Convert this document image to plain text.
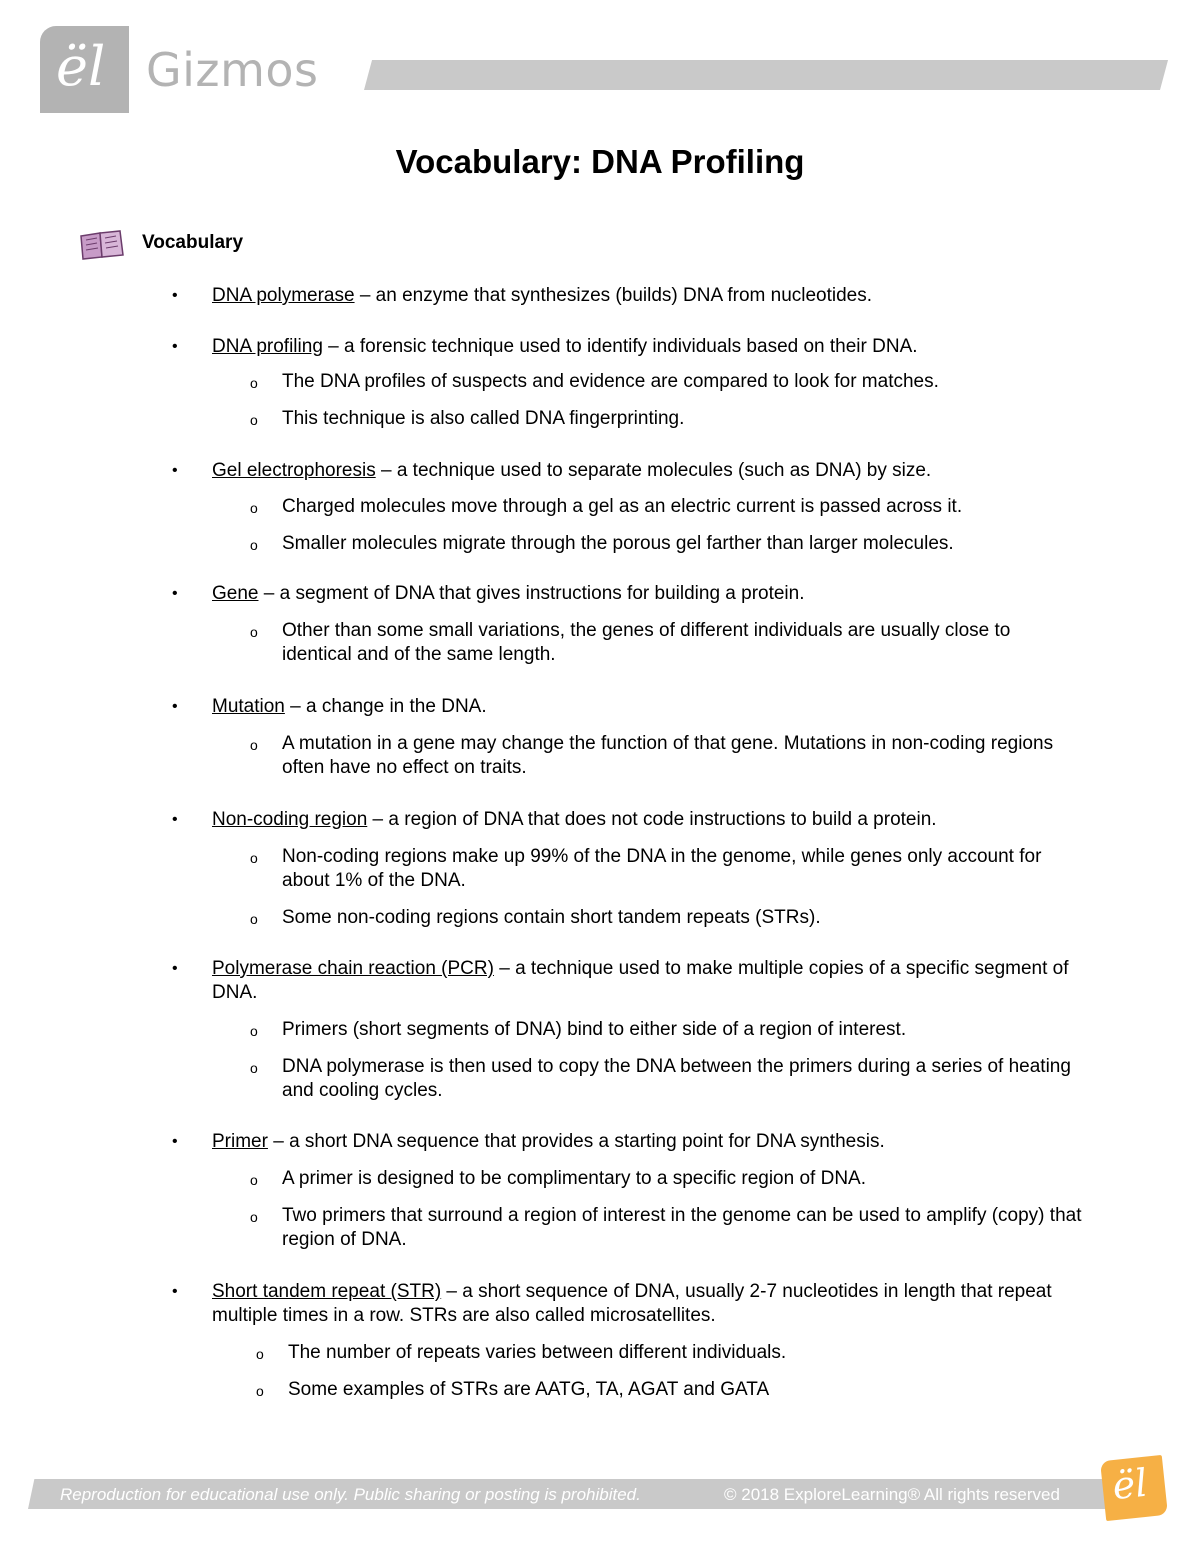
ël Gizmos
Vocabulary: DNA Profiling
Vocabulary
• DNA polymerase – an enzyme that synthesizes (builds) DNA from nucleotides.
• DNA profiling – a forensic technique used to identify individuals based on their DNA.
o The DNA profiles of suspects and evidence are compared to look for matches.
o This technique is also called DNA fingerprinting.
• Gel electrophoresis – a technique used to separate molecules (such as DNA) by size.
o Charged molecules move through a gel as an electric current is passed across it.
o Smaller molecules migrate through the porous gel farther than larger molecules.
• Gene – a segment of DNA that gives instructions for building a protein.
o Other than some small variations, the genes of different individuals are usually close to identical and of the same length.
• Mutation – a change in the DNA.
o A mutation in a gene may change the function of that gene. Mutations in non-coding regions often have no effect on traits.
• Non-coding region – a region of DNA that does not code instructions to build a protein.
o Non-coding regions make up 99% of the DNA in the genome, while genes only account for about 1% of the DNA.
o Some non-coding regions contain short tandem repeats (STRs).
• Polymerase chain reaction (PCR) – a technique used to make multiple copies of a specific segment of DNA.
o Primers (short segments of DNA) bind to either side of a region of interest.
o DNA polymerase is then used to copy the DNA between the primers during a series of heating and cooling cycles.
• Primer – a short DNA sequence that provides a starting point for DNA synthesis.
o A primer is designed to be complimentary to a specific region of DNA.
o Two primers that surround a region of interest in the genome can be used to amplify (copy) that region of DNA.
• Short tandem repeat (STR) – a short sequence of DNA, usually 2-7 nucleotides in length that repeat multiple times in a row. STRs are also called microsatellites.
o The number of repeats varies between different individuals.
o Some examples of STRs are AATG, TA, AGAT and GATA
Reproduction for educational use only. Public sharing or posting is prohibited.	© 2018 ExploreLearning® All rights reserved ël
